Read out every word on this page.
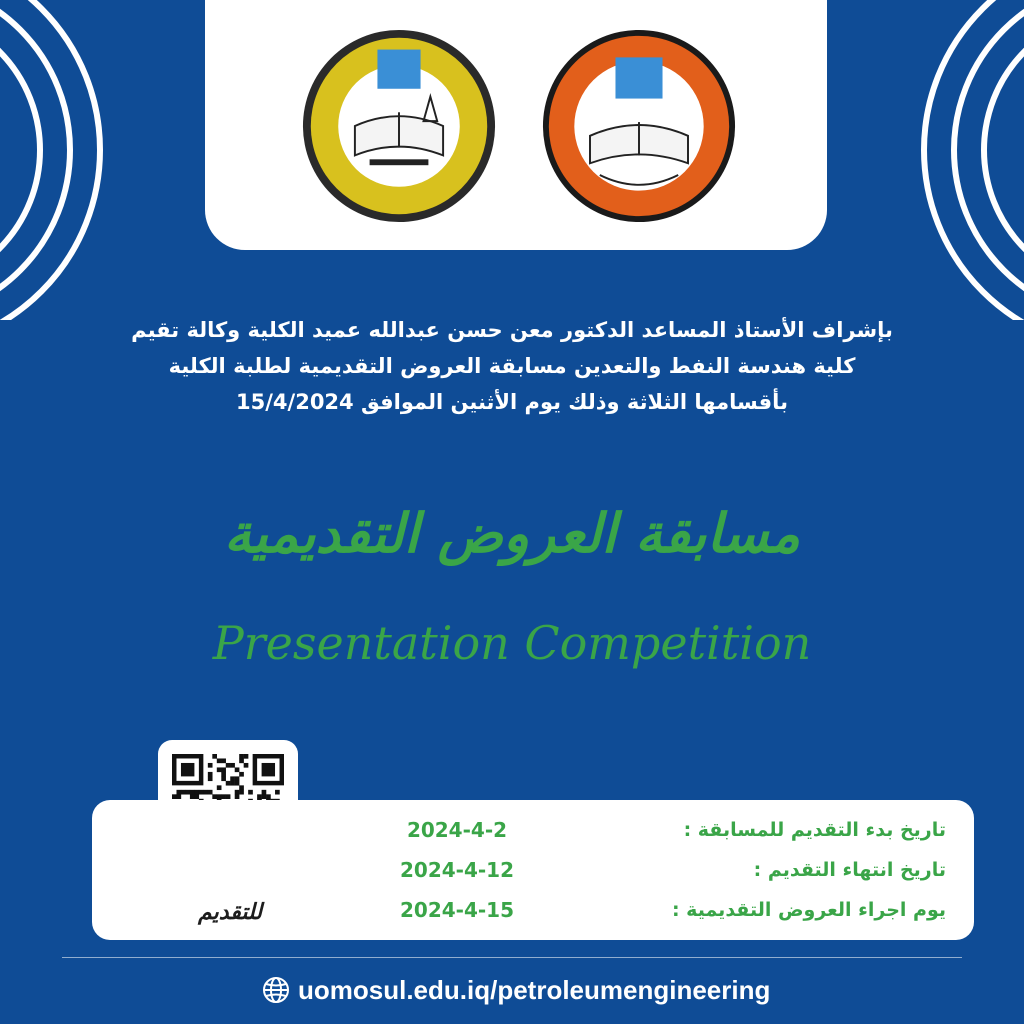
بإشراف الأستاذ المساعد الدكتور معن حسن عبدالله عميد الكلية وكالة تقيم
كلية هندسة النفط والتعدين مسابقة العروض التقديمية لطلبة الكلية
بأقسامها الثلاثة وذلك يوم الأثنين الموافق 15/4/2024
مسابقة العروض التقديمية
Presentation Competition
تاريخ بدء التقديم للمسابقة :
2024-4-2
تاريخ انتهاء التقديم :
2024-4-12
يوم اجراء العروض التقديمية :
2024-4-15
للتقديم
uomosul.edu.iq/petroleumengineering
